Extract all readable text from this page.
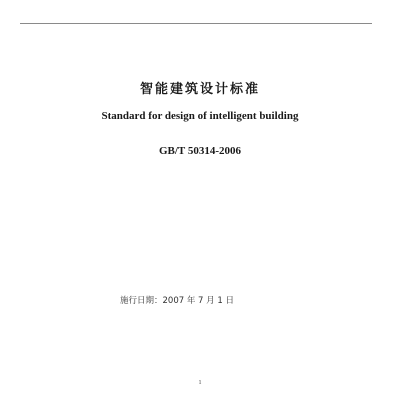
智能建筑设计标准
Standard for design of intelligent building
GB/T 50314-2006
施行日期：2007 年 7 月 1 日
1
